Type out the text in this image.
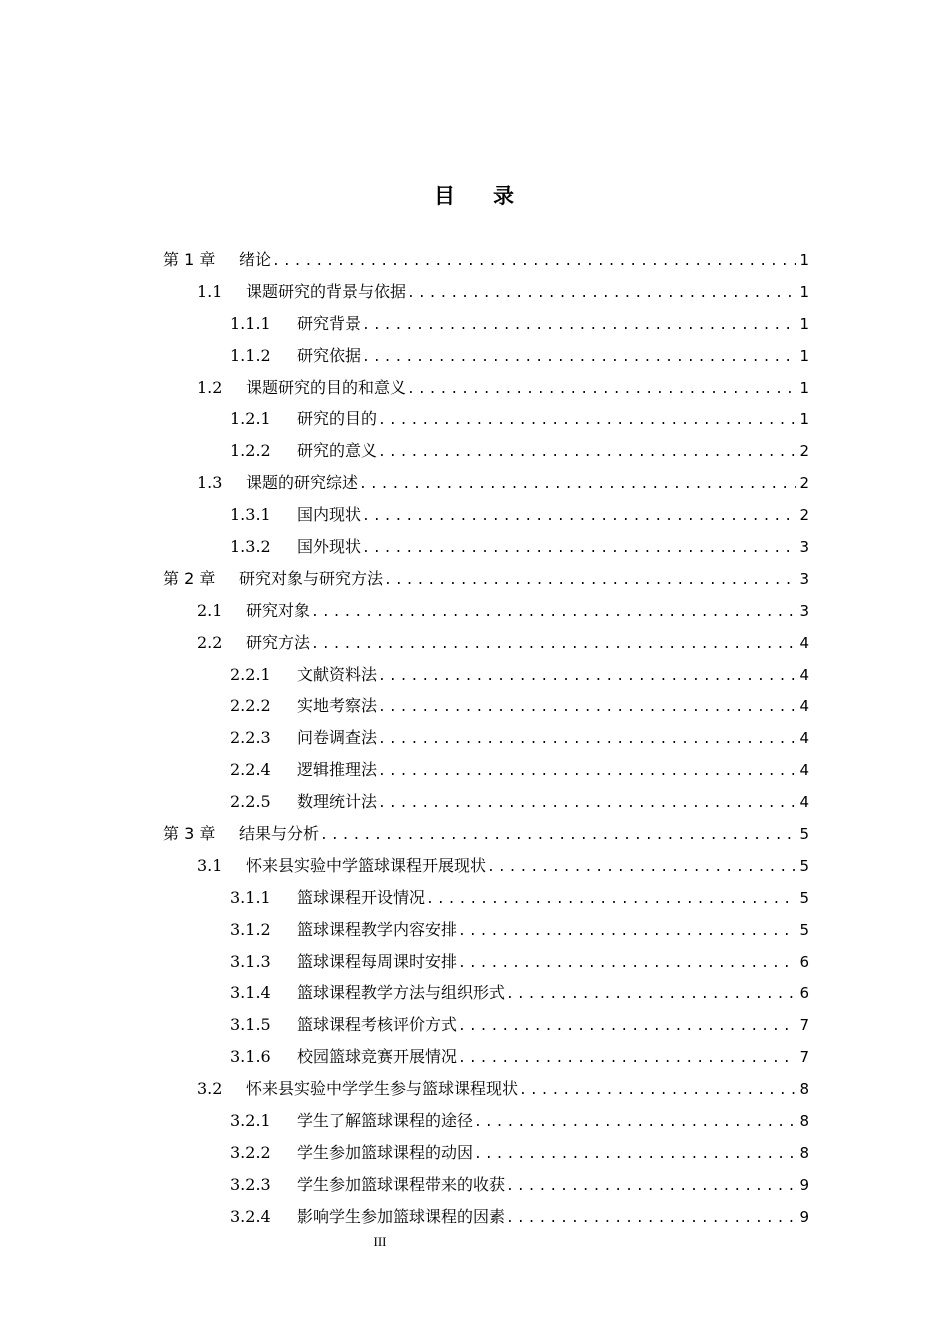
目 录
第 1 章	绪论 .....	1
1.1	课题研究的背景与依据 .....	1
1.1.1	研究背景 .....	1
1.1.2	研究依据 .....	1
1.2	课题研究的目的和意义 .....	1
1.2.1	研究的目的 .....	1
1.2.2	研究的意义 .....	2
1.3	课题的研究综述 .....	2
1.3.1	国内现状 .....	2
1.3.2	国外现状 .....	3
第 2 章	研究对象与研究方法 .....	3
2.1	研究对象 .....	3
2.2	研究方法 .....	4
2.2.1	文献资料法 .....	4
2.2.2	实地考察法 .....	4
2.2.3	问卷调查法 .....	4
2.2.4	逻辑推理法 .....	4
2.2.5	数理统计法 .....	4
第 3 章	结果与分析 .....	5
3.1	怀来县实验中学篮球课程开展现状 .....	5
3.1.1	篮球课程开设情况 .....	5
3.1.2	篮球课程教学内容安排 .....	5
3.1.3	篮球课程每周课时安排 .....	6
3.1.4	篮球课程教学方法与组织形式 .....	6
3.1.5	篮球课程考核评价方式 .....	7
3.1.6	校园篮球竞赛开展情况 .....	7
3.2	怀来县实验中学学生参与篮球课程现状 .....	8
3.2.1	学生了解篮球课程的途径 .....	8
3.2.2	学生参加篮球课程的动因 .....	8
3.2.3	学生参加篮球课程带来的收获 .....	9
3.2.4	影响学生参加篮球课程的因素 .....	9
III
